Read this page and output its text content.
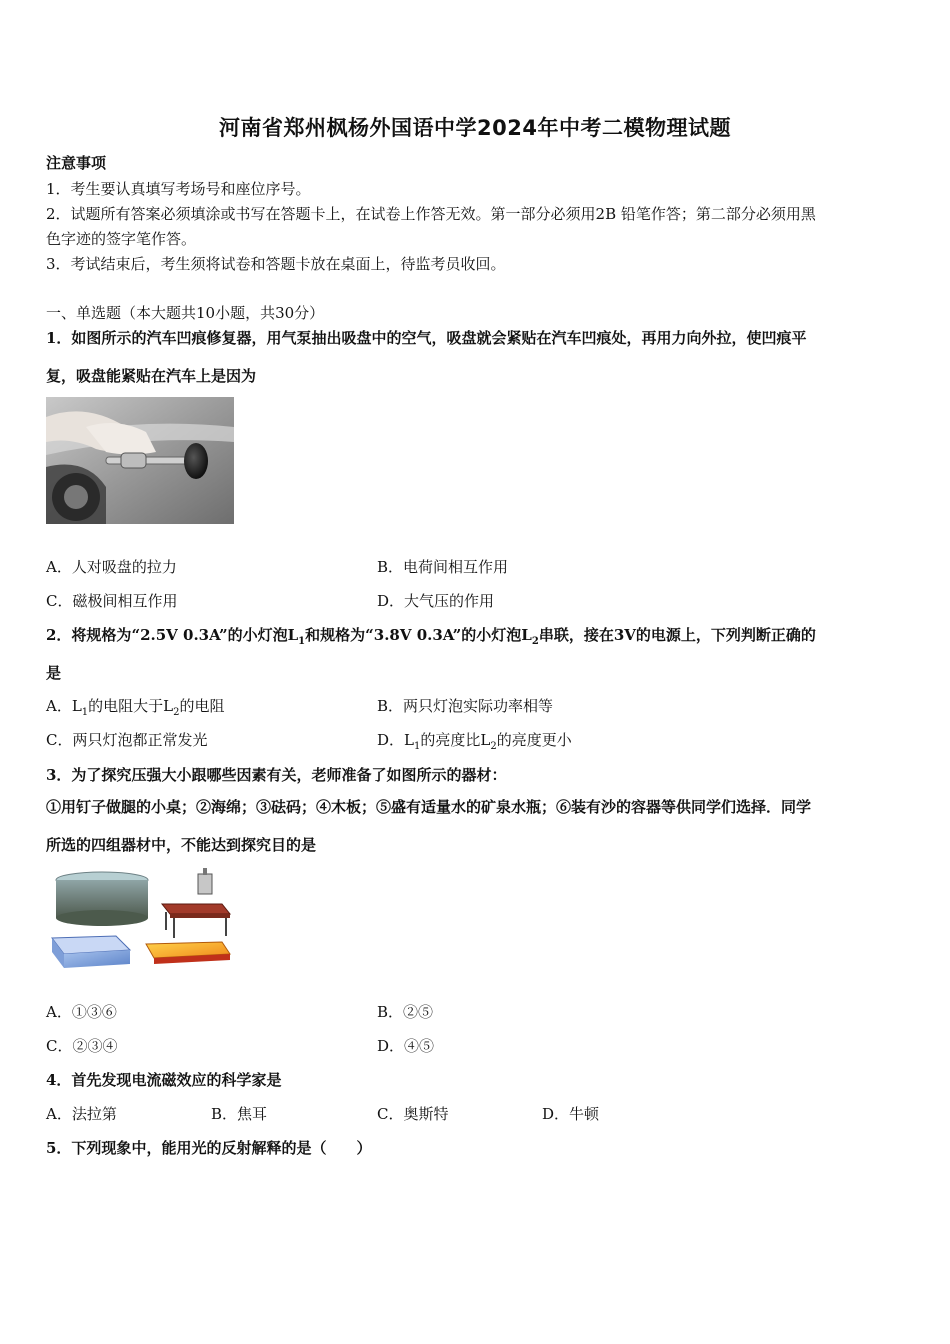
河南省郑州枫杨外国语中学2024年中考二模物理试题
注意事项
1．考生要认真填写考场号和座位序号。
2．试题所有答案必须填涂或书写在答题卡上，在试卷上作答无效。第一部分必须用2B 铅笔作答；第二部分必须用黑
色字迹的签字笔作答。
3．考试结束后，考生须将试卷和答题卡放在桌面上，待监考员收回。
一、单选题（本大题共10小题，共30分）
1．如图所示的汽车凹痕修复器，用气泵抽出吸盘中的空气，吸盘就会紧贴在汽车凹痕处，再用力向外拉，使凹痕平
复，吸盘能紧贴在汽车上是因为
A．人对吸盘的拉力	B．电荷间相互作用
C．磁极间相互作用	D．大气压的作用
2．将规格为“2.5V 0.3A”的小灯泡$L_1$和规格为“3.8V 0.3A”的小灯泡$L_2$串联，接在3V的电源上，下列判断正确的
是
A．$L_1$的电阻大于$L_2$的电阻	B．两只灯泡实际功率相等
C．两只灯泡都正常发光	D．$L_1$的亮度比$L_2$的亮度更小
3．为了探究压强大小跟哪些因素有关，老师准备了如图所示的器材：
①用钉子做腿的小桌；②海绵；③砝码；④木板；⑤盛有适量水的矿泉水瓶；⑥装有沙的容器等供同学们选择．同学
所选的四组器材中，不能达到探究目的是
A．①③⑥	B．②⑤
C．②③④	D．④⑤
4．首先发现电流磁效应的科学家是
A．法拉第	B．焦耳	C．奥斯特	D．牛顿
5．下列现象中，能用光的反射解释的是（　　）
